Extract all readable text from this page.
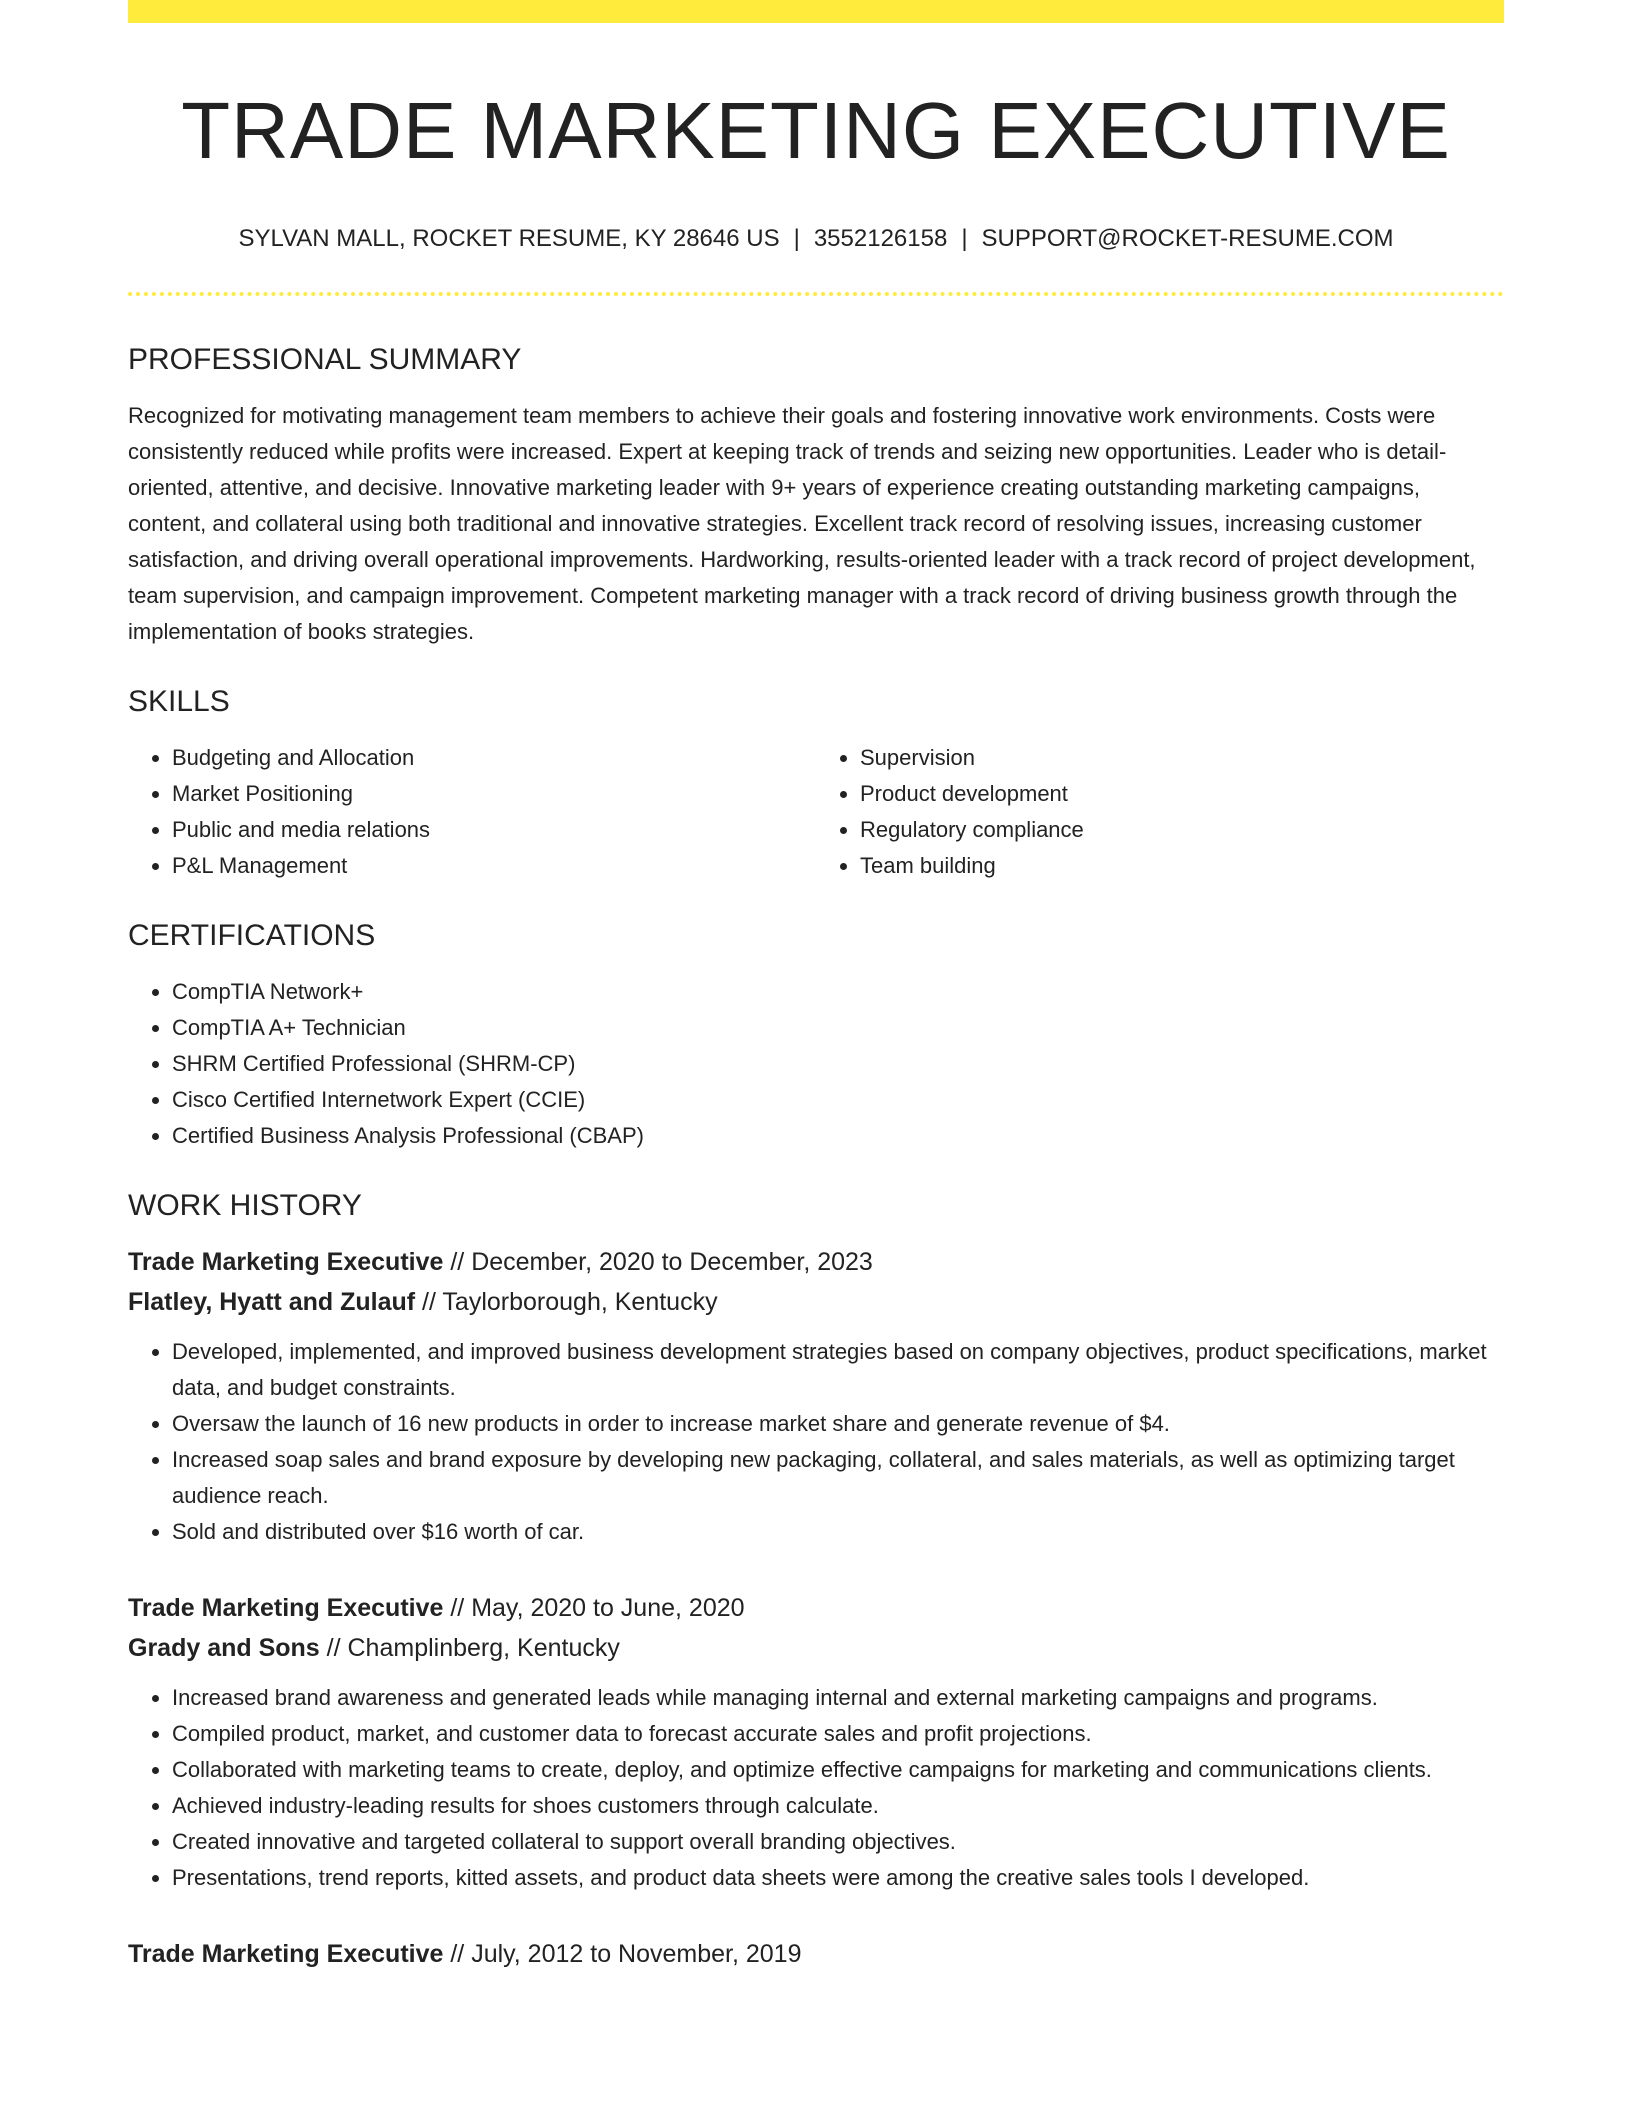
TRADE MARKETING EXECUTIVE
SYLVAN MALL, ROCKET RESUME, KY 28646 US | 3552126158 | SUPPORT@ROCKET-RESUME.COM
PROFESSIONAL SUMMARY

Recognized for motivating management team members to achieve their goals and fostering innovative work environments. Costs were consistently reduced while profits were increased. Expert at keeping track of trends and seizing new opportunities. Leader who is detail-oriented, attentive, and decisive. Innovative marketing leader with 9+ years of experience creating outstanding marketing campaigns, content, and collateral using both traditional and innovative strategies. Excellent track record of resolving issues, increasing customer satisfaction, and driving overall operational improvements. Hardworking, results-oriented leader with a track record of project development, team supervision, and campaign improvement. Competent marketing manager with a track record of driving business growth through the implementation of books strategies.

SKILLS
• Budgeting and Allocation
• Market Positioning
• Public and media relations
• P&L Management
• Supervision
• Product development
• Regulatory compliance
• Team building
CERTIFICATIONS
• CompTIA Network+
• CompTIA A+ Technician
• SHRM Certified Professional (SHRM-CP)
• Cisco Certified Internetwork Expert (CCIE)
• Certified Business Analysis Professional (CBAP)
WORK HISTORY
Trade Marketing Executive // December, 2020 to December, 2023
Flatley, Hyatt and Zulauf // Taylorborough, Kentucky
• Developed, implemented, and improved business development strategies based on company objectives, product specifications, market data, and budget constraints.
• Oversaw the launch of 16 new products in order to increase market share and generate revenue of $4.
• Increased soap sales and brand exposure by developing new packaging, collateral, and sales materials, as well as optimizing target audience reach.
• Sold and distributed over $16 worth of car.
Trade Marketing Executive // May, 2020 to June, 2020
Grady and Sons // Champlinberg, Kentucky
• Increased brand awareness and generated leads while managing internal and external marketing campaigns and programs.
• Compiled product, market, and customer data to forecast accurate sales and profit projections.
• Collaborated with marketing teams to create, deploy, and optimize effective campaigns for marketing and communications clients.
• Achieved industry-leading results for shoes customers through calculate.
• Created innovative and targeted collateral to support overall branding objectives.
• Presentations, trend reports, kitted assets, and product data sheets were among the creative sales tools I developed.
Trade Marketing Executive // July, 2012 to November, 2019
